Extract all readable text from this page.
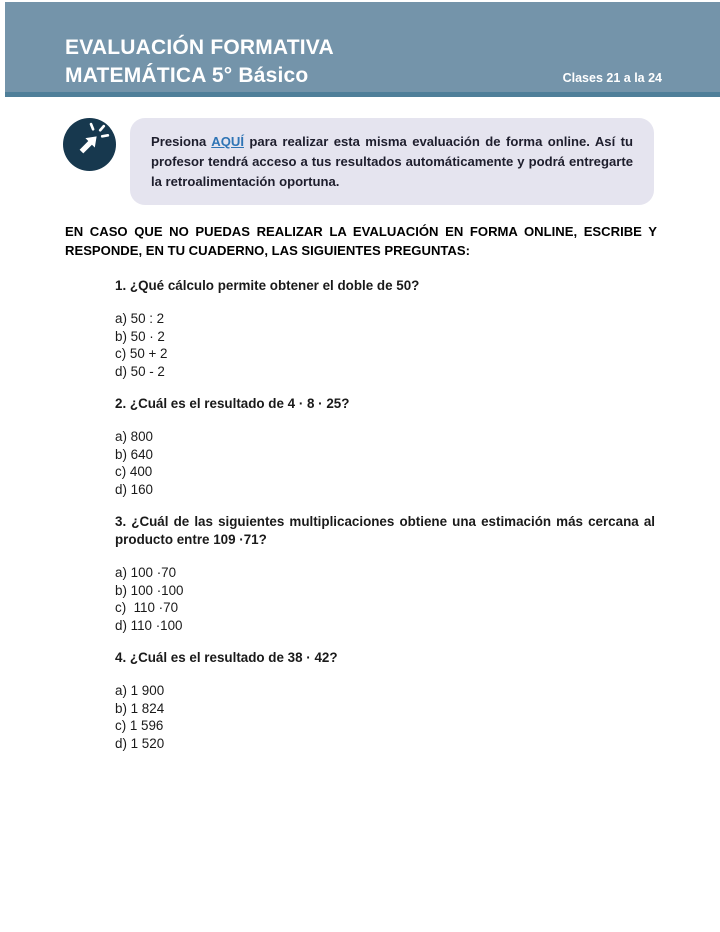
EVALUACIÓN FORMATIVA
MATEMÁTICA 5° Básico	Clases 21 a la 24
Presiona AQUÍ para realizar esta misma evaluación de forma online. Así tu profesor tendrá acceso a tus resultados automáticamente y podrá entregarte la retroalimentación oportuna.
EN CASO QUE NO PUEDAS REALIZAR LA EVALUACIÓN EN FORMA ONLINE, ESCRIBE Y RESPONDE, EN TU CUADERNO, LAS SIGUIENTES PREGUNTAS:
1. ¿Qué cálculo permite obtener el doble de 50?
a) 50 : 2
b) 50 · 2
c) 50 + 2
d) 50 - 2
2. ¿Cuál es el resultado de 4 · 8 · 25?
a) 800
b) 640
c) 400
d) 160
3. ¿Cuál de las siguientes multiplicaciones obtiene una estimación más cercana al producto entre 109 ·71?
a) 100 ·70
b) 100 ·100
c)  110 ·70
d) 110 ·100
4. ¿Cuál es el resultado de 38 · 42?
a) 1 900
b) 1 824
c) 1 596
d) 1 520
